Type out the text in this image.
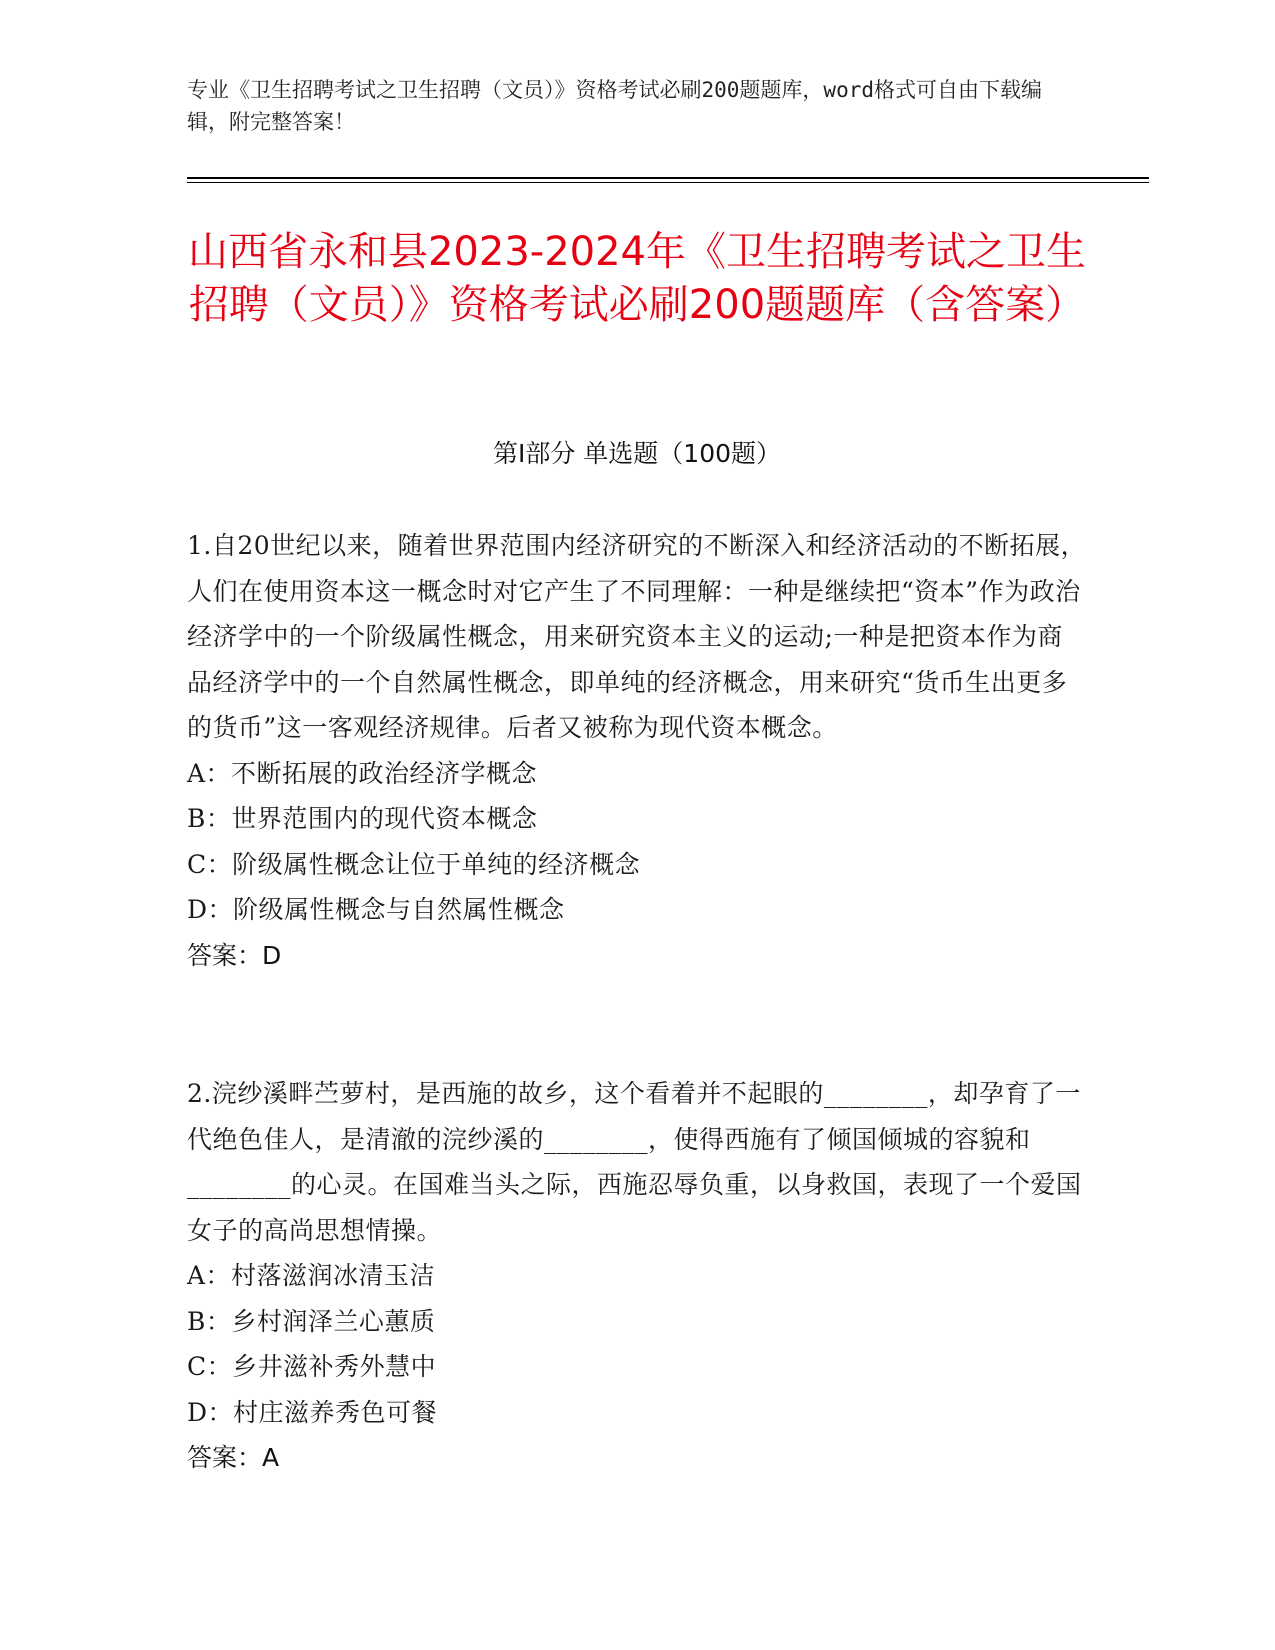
专业《卫生招聘考试之卫生招聘（文员）》资格考试必刷200题题库，word格式可自由下载编辑，附完整答案！
山西省永和县2023-2024年《卫生招聘考试之卫生招聘（文员）》资格考试必刷200题题库（含答案）
第Ⅰ部分 单选题（100题）

1.自20世纪以来，随着世界范围内经济研究的不断深入和经济活动的不断拓展，人们在使用资本这一概念时对它产生了不同理解：一种是继续把“资本”作为政治经济学中的一个阶级属性概念，用来研究资本主义的运动;一种是把资本作为商品经济学中的一个自然属性概念，即单纯的经济概念，用来研究“货币生出更多的货币”这一客观经济规律。后者又被称为现代资本概念。

A：不断拓展的政治经济学概念

B：世界范围内的现代资本概念

C：阶级属性概念让位于单纯的经济概念

D：阶级属性概念与自然属性概念

答案：D

2.浣纱溪畔苎萝村，是西施的故乡，这个看着并不起眼的________，却孕育了一代绝色佳人，是清澈的浣纱溪的________，使得西施有了倾国倾城的容貌和________的心灵。在国难当头之际，西施忍辱负重，以身救国，表现了一个爱国女子的高尚思想情操。

A：村落滋润冰清玉洁

B：乡村润泽兰心蕙质

C：乡井滋补秀外慧中

D：村庄滋养秀色可餐

答案：A
